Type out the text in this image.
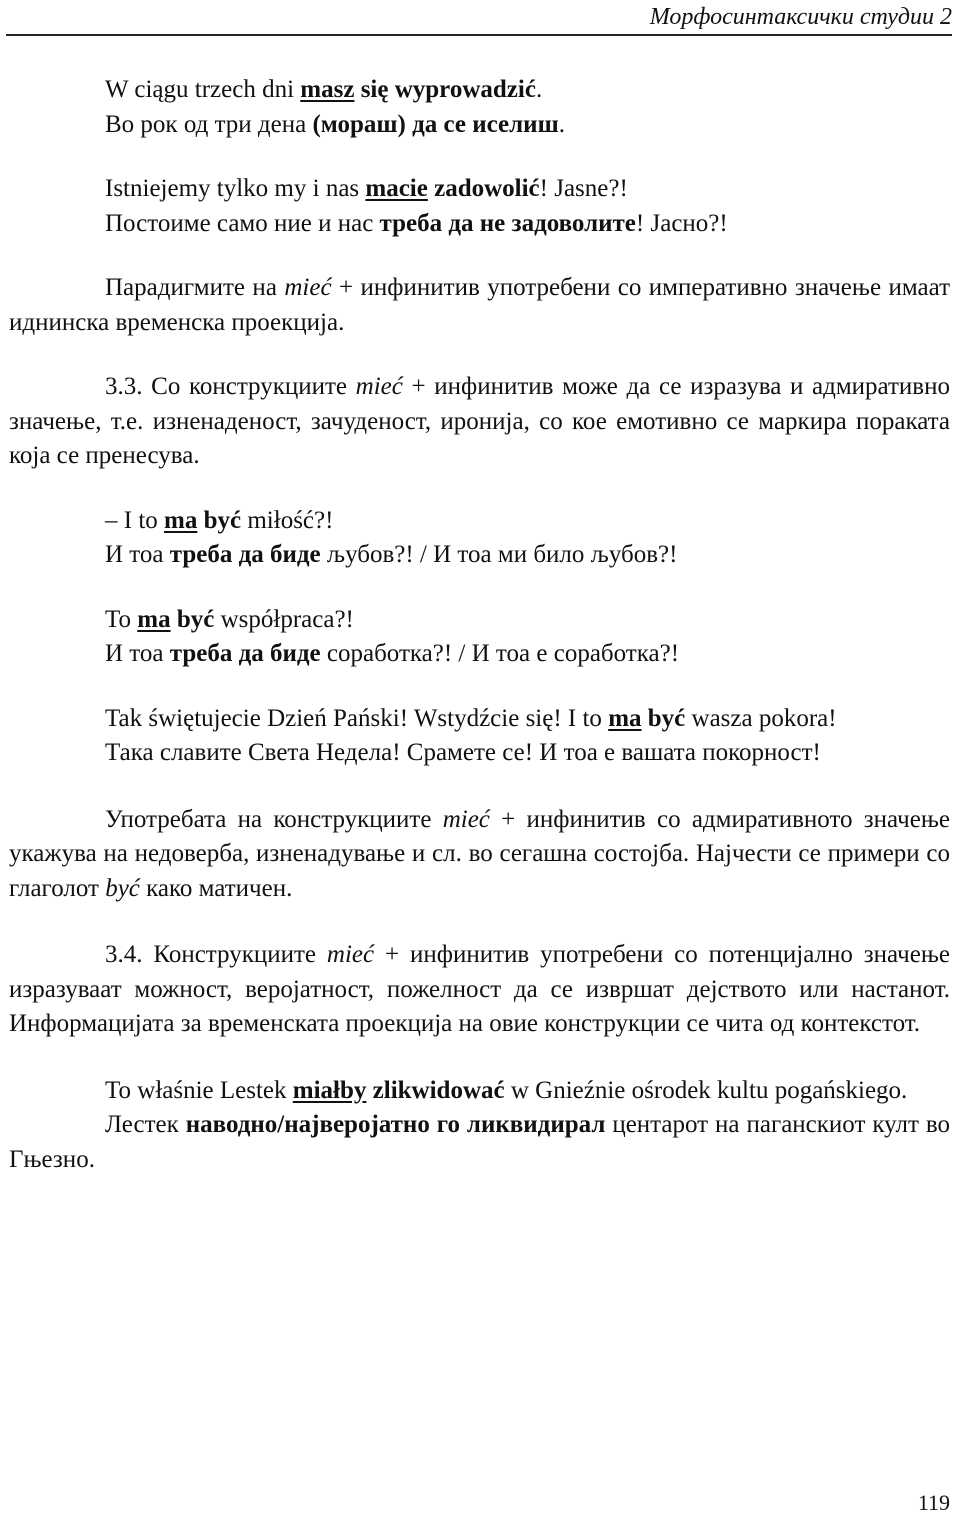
Морфосинтаксички студии 2

W ciągu trzech dni masz się wyprowadzić.

Во рок од три дена (мораш) да се иселиш.

Istniejemy tylko my i nas macie zadowolić! Jasne?!

Постоиме само ние и нас треба да не задоволите! Јасно?!

Парадигмите на mieć + инфинитив употребени со императивно значење имаат иднинска временска проекција.

3.3. Со конструкциите mieć + инфинитив може да се изразува и адмиративно значење, т.е. изненаденост, зачуденост, иронија, со кое емотивно се маркира пораката која се пренесува.

– I to ma być miłość?!

И тоа треба да биде љубов?! / И тоа ми било љубов?!

To ma być współpraca?!

И тоа треба да биде соработка?! / И тоа е соработка?!

Tak świętujecie Dzień Pański! Wstydźcie się! I to ma być wasza pokora!

Така славите Света Недела! Срамете се! И тоа е вашата покорност!

Употребата на конструкциите mieć + инфинитив со адмиративното значење укажува на недоверба, изненадување и сл. во сегашна состојба. Најчести се примери со глаголот być како матичен.

3.4. Конструкциите mieć + инфинитив употребени со потенцијално значење изразуваат можност, веројатност, пожелност да се извршат дејството или настанот. Информацијата за временската проекција на овие конструкции се чита од контекстот.

To właśnie Lestek miałby zlikwidować w Gnieźnie ośrodek kultu pogańskiego.

Лестек наводно/највероjатно го ликвидирал центарот на паганскиот култ во Гњезно.

119
